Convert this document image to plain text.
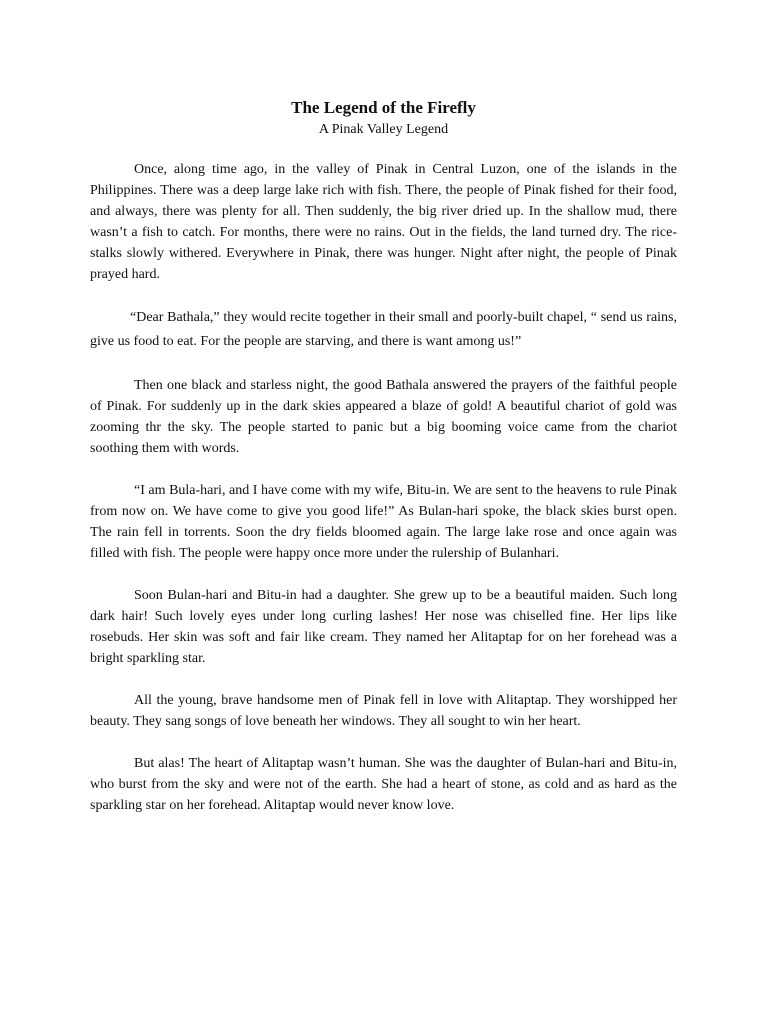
The Legend of the Firefly
A Pinak Valley Legend

Once, along time ago, in the valley of Pinak in Central Luzon, one of the islands in the Philippines. There was a deep large lake rich with fish. There, the people of Pinak fished for their food, and always, there was plenty for all. Then suddenly, the big river dried up. In the shallow mud, there wasn’t a fish to catch. For months, there were no rains. Out in the fields, the land turned dry. The rice-stalks slowly withered. Everywhere in Pinak, there was hunger. Night after night, the people of Pinak prayed hard.

“Dear Bathala,” they would recite together in their small and poorly-built chapel, “ send us rains, give us food to eat. For the people are starving, and there is want among us!”

Then one black and starless night, the good Bathala answered the prayers of the faithful people of Pinak. For suddenly up in the dark skies appeared a blaze of gold! A beautiful chariot of gold was zooming thr the sky. The people started to panic but a big booming voice came from the chariot soothing them with words.

“I am Bula-hari, and I have come with my wife, Bitu-in. We are sent to the heavens to rule Pinak from now on. We have come to give you good life!” As Bulan-hari spoke, the black skies burst open. The rain fell in torrents. Soon the dry fields bloomed again. The large lake rose and once again was filled with fish. The people were happy once more under the rulership of Bulanhari.

Soon Bulan-hari and Bitu-in had a daughter. She grew up to be a beautiful maiden. Such long dark hair! Such lovely eyes under long curling lashes! Her nose was chiselled fine. Her lips like rosebuds. Her skin was soft and fair like cream. They named her Alitaptap for on her forehead was a bright sparkling star.

All the young, brave handsome men of Pinak fell in love with Alitaptap. They worshipped her beauty. They sang songs of love beneath her windows. They all sought to win her heart.

But alas! The heart of Alitaptap wasn’t human. She was the daughter of Bulan-hari and Bitu-in, who burst from the sky and were not of the earth. She had a heart of stone, as cold and as hard as the sparkling star on her forehead. Alitaptap would never know love.
